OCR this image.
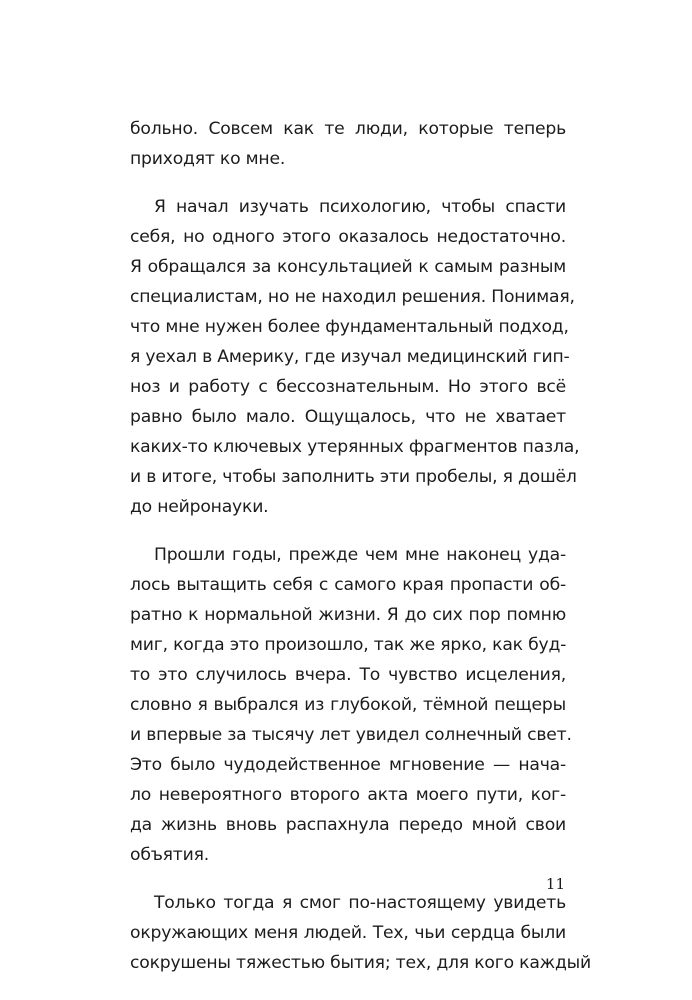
больно. Совсем как те люди, которые теперь
приходят ко мне.
Я начал изучать психологию, чтобы спасти
себя, но одного этого оказалось недостаточно.
Я обращался за консультацией к самым разным
специалистам, но не находил решения. Понимая,
что мне нужен более фундаментальный подход,
я уехал в Америку, где изучал медицинский гип-
ноз и работу с бессознательным. Но этого всё
равно было мало. Ощущалось, что не хватает
каких-то ключевых утерянных фрагментов пазла,
и в итоге, чтобы заполнить эти пробелы, я дошёл
до нейронауки.
Прошли годы, прежде чем мне наконец уда-
лось вытащить себя с самого края пропасти об-
ратно к нормальной жизни. Я до сих пор помню
миг, когда это произошло, так же ярко, как буд-
то это случилось вчера. То чувство исцеления,
словно я выбрался из глубокой, тёмной пещеры
и впервые за тысячу лет увидел солнечный свет.
Это было чудодейственное мгновение — нача-
ло невероятного второго акта моего пути, ког-
да жизнь вновь распахнула передо мной свои
объятия.
Только тогда я смог по-настоящему увидеть
окружающих меня людей. Тех, чьи сердца были
сокрушены тяжестью бытия; тех, для кого каждый
11
